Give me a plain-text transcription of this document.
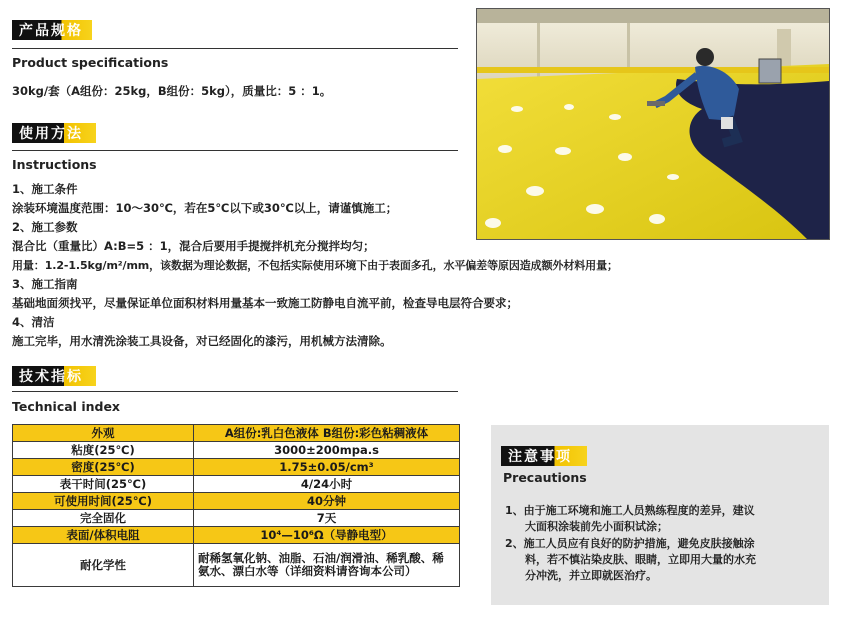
产品规格
Product specifications
30kg/套（A组份：25kg，B组份：5kg），质量比：5 ：1。
使用方法
Instructions
1、施工条件
涂装环境温度范围：10～30℃，若在5℃以下或30℃以上，请谨慎施工；
2、施工参数
混合比（重量比）A:B=5 ：1，混合后要用手提搅拌机充分搅拌均匀；
用量：1.2-1.5kg/m²/mm，该数据为理论数据，不包括实际使用环境下由于表面多孔，水平偏差等原因造成额外材料用量；
3、施工指南
基础地面须找平，尽量保证单位面积材料用量基本一致施工防静电自流平前，检查导电层符合要求；
4、清洁
施工完毕，用水清洗涂装工具设备，对已经固化的漆污，用机械方法清除。
技术指标
Technical index
外观	A组份:乳白色液体 B组份:彩色粘稠液体
粘度(25℃)	3000±200mpa.s
密度(25℃)	1.75±0.05/cm³
表干时间(25℃)	4/24小时
可使用时间(25℃)	40分钟
完全固化	7天
表面/体积电阻	10⁴—10⁶Ω（导静电型）
耐化学性	耐稀氢氧化钠、油脂、石油/润滑油、稀乳酸、稀氨水、漂白水等（详细资料请咨询本公司）
注意事项
Precautions
1、由于施工环境和施工人员熟练程度的差异，建议
大面积涂装前先小面积试涂；
2、施工人员应有良好的防护措施，避免皮肤接触涂
料，若不慎沾染皮肤、眼睛，立即用大量的水充
分冲洗，并立即就医治疗。
